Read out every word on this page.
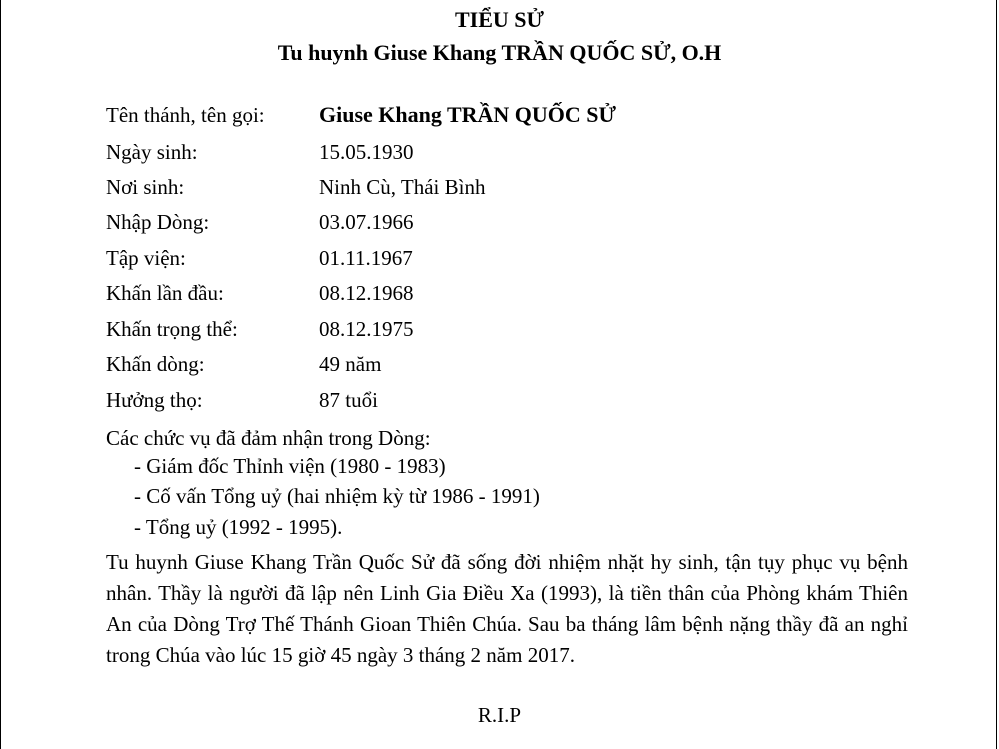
TIỂU SỬ
Tu huynh Giuse Khang TRẦN QUỐC SỬ, O.H
Tên thánh, tên gọi: Giuse Khang TRẦN QUỐC SỬ
Ngày sinh:	15.05.1930
Nơi sinh:	Ninh Cù, Thái Bình
Nhập Dòng:	03.07.1966
Tập viện:	01.11.1967
Khấn lần đầu:	08.12.1968
Khấn trọng thể:	08.12.1975
Khấn dòng:	49 năm
Hưởng thọ:	87 tuổi
Các chức vụ đã đảm nhận trong Dòng:
- Giám đốc Thỉnh viện (1980 - 1983)
- Cố vấn Tổng uỷ (hai nhiệm kỳ từ 1986 - 1991)
- Tổng uỷ (1992 - 1995).
Tu huynh Giuse Khang Trần Quốc Sử đã sống đời nhiệm nhặt hy sinh, tận tụy phục vụ bệnh nhân. Thầy là người đã lập nên Linh Gia Điều Xa (1993), là tiền thân của Phòng khám Thiên An của Dòng Trợ Thế Thánh Gioan Thiên Chúa. Sau ba tháng lâm bệnh nặng thầy đã an nghỉ trong Chúa vào lúc 15 giờ 45 ngày 3 tháng 2 năm 2017.
R.I.P
